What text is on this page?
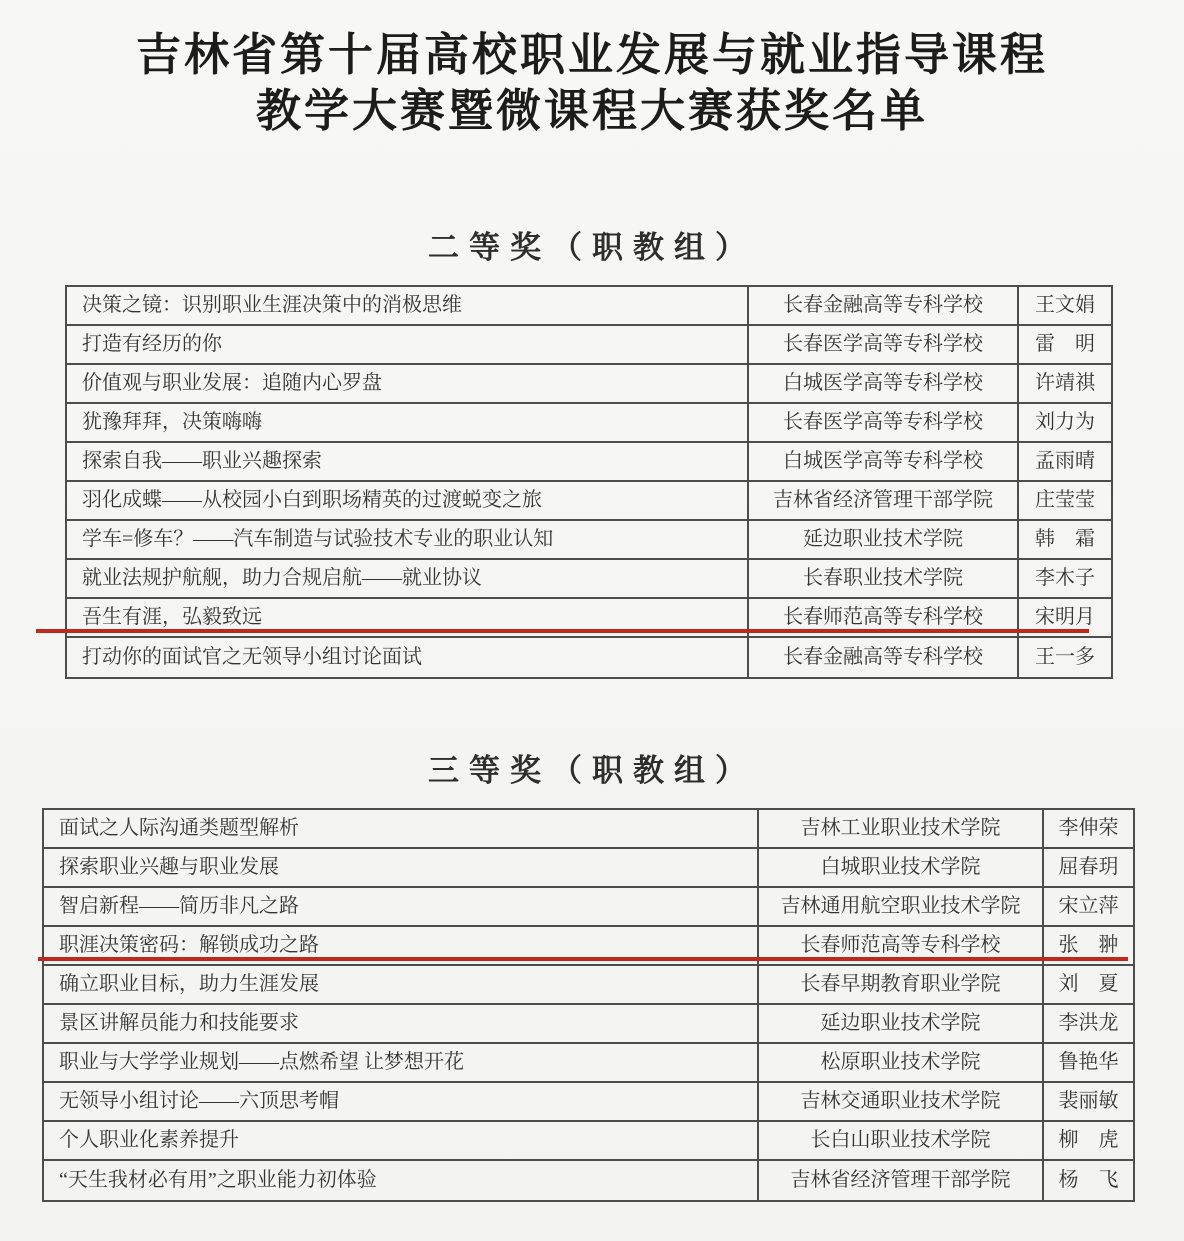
吉林省第十届高校职业发展与就业指导课程
教学大赛暨微课程大赛获奖名单
二等奖（职教组）
决策之镜：识别职业生涯决策中的消极思维	长春金融高等专科学校	王文娟
打造有经历的你	长春医学高等专科学校	雷　明
价值观与职业发展：追随内心罗盘	白城医学高等专科学校	许靖祺
犹豫拜拜，决策嗨嗨	长春医学高等专科学校	刘力为
探索自我——职业兴趣探索	白城医学高等专科学校	孟雨晴
羽化成蝶——从校园小白到职场精英的过渡蜕变之旅	吉林省经济管理干部学院	庄莹莹
学车=修车？——汽车制造与试验技术专业的职业认知	延边职业技术学院	韩　霜
就业法规护航舰，助力合规启航——就业协议	长春职业技术学院	李木子
吾生有涯，弘毅致远	长春师范高等专科学校	宋明月
打动你的面试官之无领导小组讨论面试	长春金融高等专科学校	王一多
三等奖（职教组）
面试之人际沟通类题型解析	吉林工业职业技术学院	李伸荣
探索职业兴趣与职业发展	白城职业技术学院	屈春玥
智启新程——简历非凡之路	吉林通用航空职业技术学院	宋立萍
职涯决策密码：解锁成功之路	长春师范高等专科学校	张　翀
确立职业目标，助力生涯发展	长春早期教育职业学院	刘　夏
景区讲解员能力和技能要求	延边职业技术学院	李洪龙
职业与大学学业规划——点燃希望 让梦想开花	松原职业技术学院	鲁艳华
无领导小组讨论——六顶思考帽	吉林交通职业技术学院	裴丽敏
个人职业化素养提升	长白山职业技术学院	柳　虎
“天生我材必有用”之职业能力初体验	吉林省经济管理干部学院	杨　飞
